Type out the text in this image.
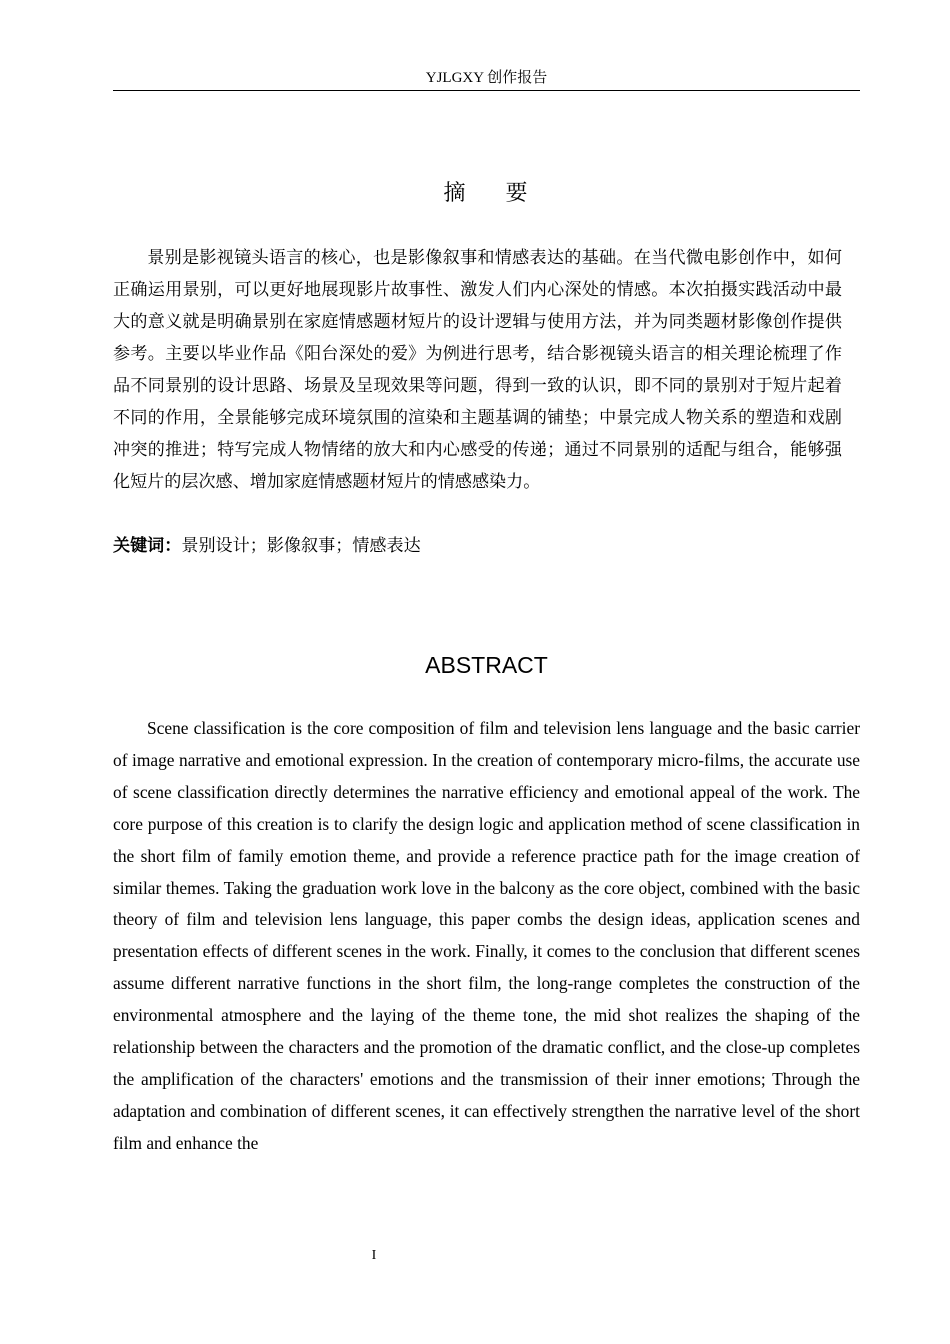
YJLGXY 创作报告
摘 要

景别是影视镜头语言的核心，也是影像叙事和情感表达的基础。在当代微电影创作中，如何正确运用景别，可以更好地展现影片故事性、激发人们内心深处的情感。本次拍摄实践活动中最大的意义就是明确景别在家庭情感题材短片的设计逻辑与使用方法，并为同类题材影像创作提供参考。主要以毕业作品《阳台深处的爱》为例进行思考，结合影视镜头语言的相关理论梳理了作品不同景别的设计思路、场景及呈现效果等问题，得到一致的认识，即不同的景别对于短片起着不同的作用，全景能够完成环境氛围的渲染和主题基调的铺垫；中景完成人物关系的塑造和戏剧冲突的推进；特写完成人物情绪的放大和内心感受的传递；通过不同景别的适配与组合，能够强化短片的层次感、增加家庭情感题材短片的情感感染力。

关键词：景别设计；影像叙事；情感表达
ABSTRACT

Scene classification is the core composition of film and television lens language and the basic carrier of image narrative and emotional expression. In the creation of contemporary micro-films, the accurate use of scene classification directly determines the narrative efficiency and emotional appeal of the work. The core purpose of this creation is to clarify the design logic and application method of scene classification in the short film of family emotion theme, and provide a reference practice path for the image creation of similar themes. Taking the graduation work love in the balcony as the core object, combined with the basic theory of film and television lens language, this paper combs the design ideas, application scenes and presentation effects of different scenes in the work. Finally, it comes to the conclusion that different scenes assume different narrative functions in the short film, the long-range completes the construction of the environmental atmosphere and the laying of the theme tone, the mid shot realizes the shaping of the relationship between the characters and the promotion of the dramatic conflict, and the close-up completes the amplification of the characters' emotions and the transmission of their inner emotions; Through the adaptation and combination of different scenes, it can effectively strengthen the narrative level of the short film and enhance the

I
